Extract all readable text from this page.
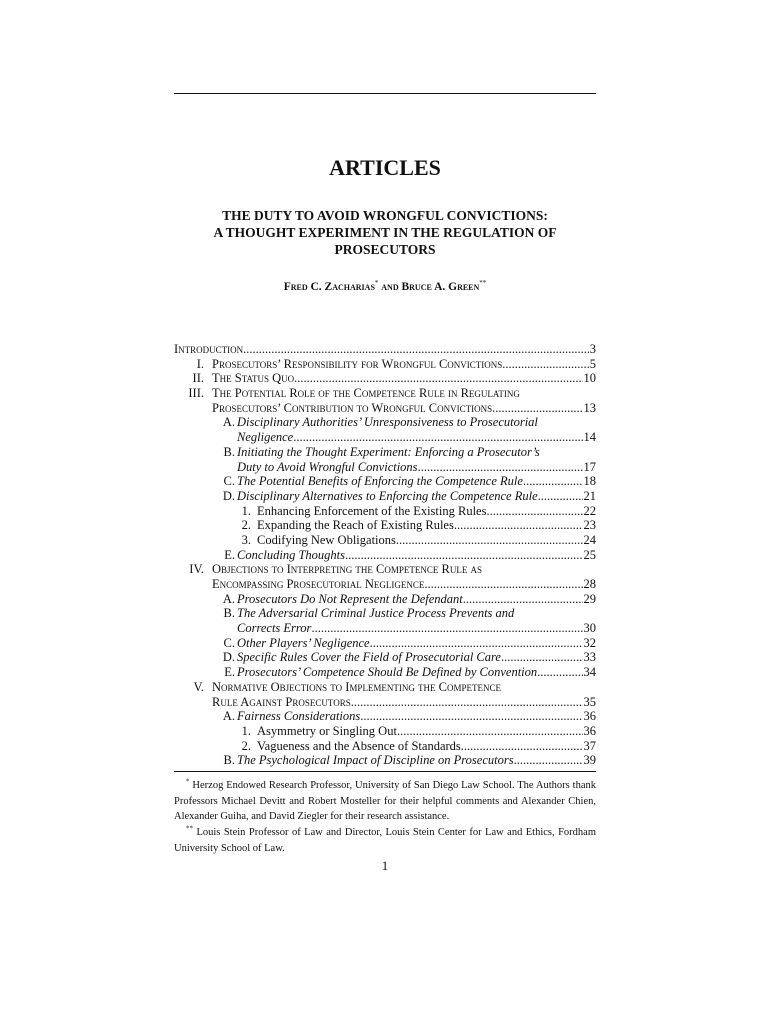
ARTICLES
THE DUTY TO AVOID WRONGFUL CONVICTIONS:
A THOUGHT EXPERIMENT IN THE REGULATION OF
PROSECUTORS
Fred C. Zacharias* and Bruce A. Green**
Introduction .....	3
I. Prosecutors’ Responsibility for Wrongful Convictions .....	5
II. The Status Quo .....	10
III. The Potential Role of the Competence Rule in Regulating
Prosecutors’ Contribution to Wrongful Convictions .....	13
A. Disciplinary Authorities’ Unresponsiveness to Prosecutorial
Negligence .....	14
B. Initiating the Thought Experiment: Enforcing a Prosecutor’s
Duty to Avoid Wrongful Convictions .....	17
C. The Potential Benefits of Enforcing the Competence Rule .....	18
D. Disciplinary Alternatives to Enforcing the Competence Rule .....	21
1. Enhancing Enforcement of the Existing Rules .....	22
2. Expanding the Reach of Existing Rules .....	23
3. Codifying New Obligations .....	24
E. Concluding Thoughts .....	25
IV. Objections to Interpreting the Competence Rule as
Encompassing Prosecutorial Negligence .....	28
A. Prosecutors Do Not Represent the Defendant .....	29
B. The Adversarial Criminal Justice Process Prevents and
Corrects Error .....	30
C. Other Players’ Negligence .....	32
D. Specific Rules Cover the Field of Prosecutorial Care .....	33
E. Prosecutors’ Competence Should Be Defined by Convention .....	34
V. Normative Objections to Implementing the Competence
Rule Against Prosecutors .....	35
A. Fairness Considerations .....	36
1. Asymmetry or Singling Out .....	36
2. Vagueness and the Absence of Standards .....	37
B. The Psychological Impact of Discipline on Prosecutors .....	39

* Herzog Endowed Research Professor, University of San Diego Law School. The Authors thank Professors Michael Devitt and Robert Mosteller for their helpful comments and Alexander Chien, Alexander Guiha, and David Ziegler for their research assistance.

** Louis Stein Professor of Law and Director, Louis Stein Center for Law and Ethics, Fordham University School of Law.

1
